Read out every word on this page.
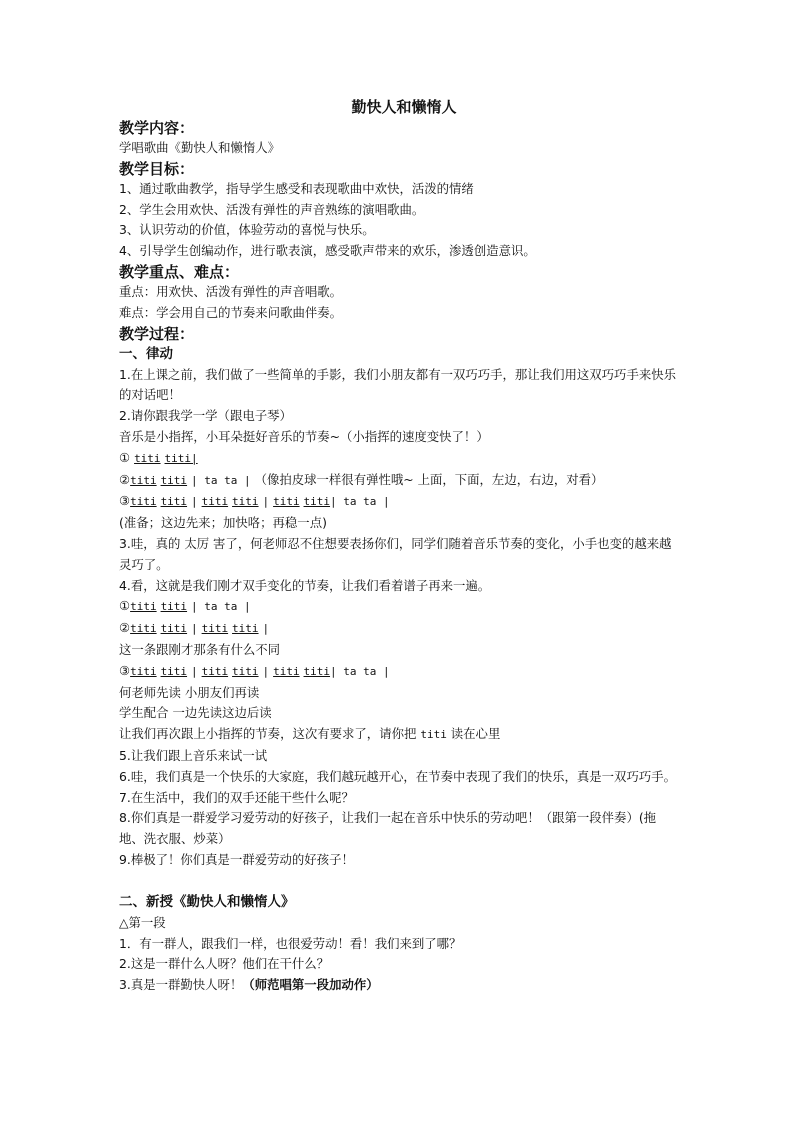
勤快人和懒惰人
教学内容：
学唱歌曲《勤快人和懒惰人》
教学目标：
1、通过歌曲教学，指导学生感受和表现歌曲中欢快，活泼的情绪
2、学生会用欢快、活泼有弹性的声音熟练的演唱歌曲。
3、认识劳动的价值，体验劳动的喜悦与快乐。
4、引导学生创编动作，进行歌表演，感受歌声带来的欢乐，渗透创造意识。
教学重点、难点：
重点：用欢快、活泼有弹性的声音唱歌。
难点：学会用自己的节奏来问歌曲伴奏。
教学过程：
一、律动
1.在上课之前，我们做了一些简单的手影，我们小朋友都有一双巧巧手，那让我们用这双巧巧手来快乐的对话吧！
2.请你跟我学一学（跟电子琴）
音乐是小指挥，小耳朵挺好音乐的节奏~（小指挥的速度变快了！）
① titi titi|
②titi titi | ta ta | （像拍皮球一样很有弹性哦~ 上面，下面，左边，右边，对看）
③titi titi | titi titi | titi titi| ta ta |
(准备；这边先来；加快咯；再稳一点)
3.哇，真的 太厉 害了，何老师忍不住想要表扬你们，同学们随着音乐节奏的变化，小手也变的越来越灵巧了。
4.看，这就是我们刚才双手变化的节奏，让我们看着谱子再来一遍。
①titi titi | ta ta |
②titi titi | titi titi |
这一条跟刚才那条有什么不同
③titi titi | titi titi | titi titi| ta ta |
何老师先读 小朋友们再读
学生配合 一边先读这边后读
让我们再次跟上小指挥的节奏，这次有要求了，请你把 titi 读在心里
5.让我们跟上音乐来试一试
6.哇，我们真是一个快乐的大家庭，我们越玩越开心，在节奏中表现了我们的快乐，真是一双巧巧手。
7.在生活中，我们的双手还能干些什么呢？
8.你们真是一群爱学习爱劳动的好孩子，让我们一起在音乐中快乐的劳动吧！（跟第一段伴奏）(拖地、洗衣服、炒菜）
9.棒极了！你们真是一群爱劳动的好孩子！
二、新授《勤快人和懒惰人》
△第一段
1．有一群人，跟我们一样，也很爱劳动！看！我们来到了哪？
2.这是一群什么人呀？他们在干什么？
3.真是一群勤快人呀！（师范唱第一段加动作）
